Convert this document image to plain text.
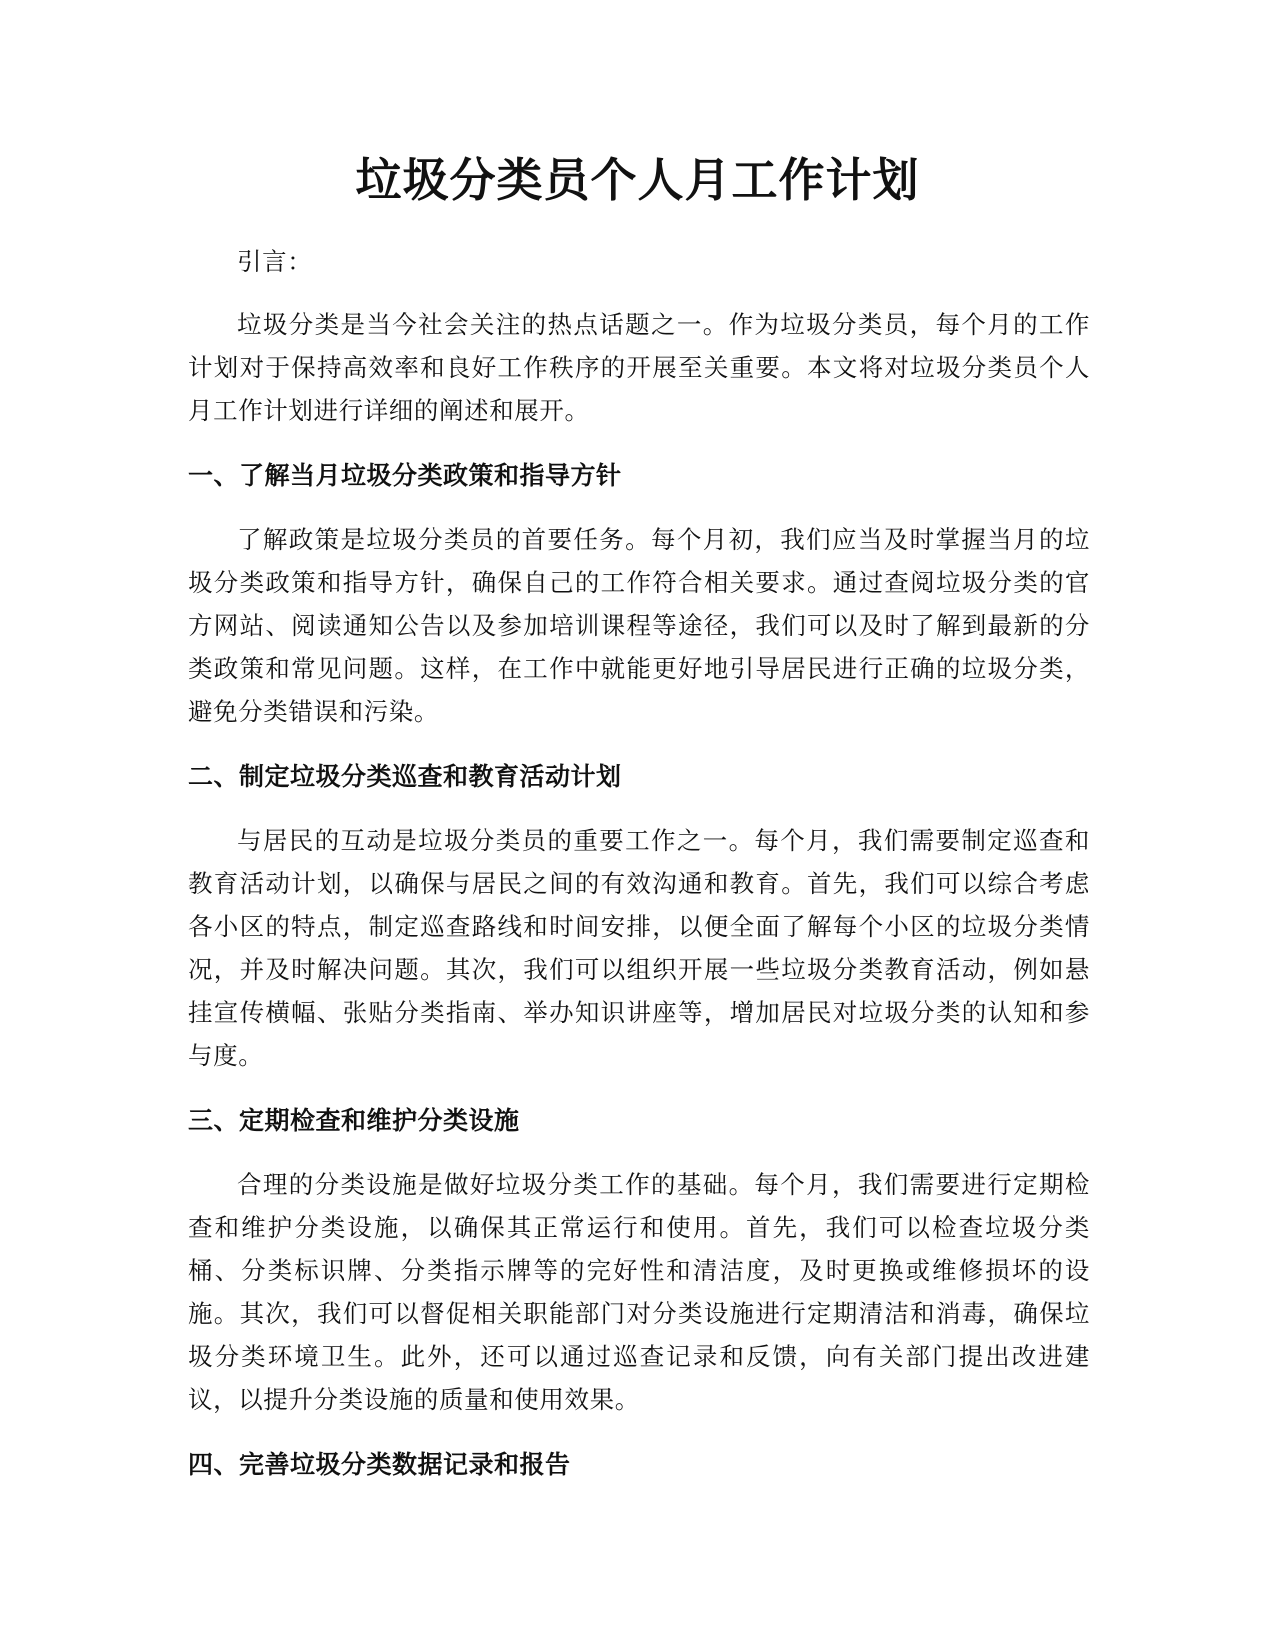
垃圾分类员个人月工作计划

引言：

垃圾分类是当今社会关注的热点话题之一。作为垃圾分类员，每个月的工作计划对于保持高效率和良好工作秩序的开展至关重要。本文将对垃圾分类员个人月工作计划进行详细的阐述和展开。

一、了解当月垃圾分类政策和指导方针

了解政策是垃圾分类员的首要任务。每个月初，我们应当及时掌握当月的垃圾分类政策和指导方针，确保自己的工作符合相关要求。通过查阅垃圾分类的官方网站、阅读通知公告以及参加培训课程等途径，我们可以及时了解到最新的分类政策和常见问题。这样，在工作中就能更好地引导居民进行正确的垃圾分类，避免分类错误和污染。

二、制定垃圾分类巡查和教育活动计划

与居民的互动是垃圾分类员的重要工作之一。每个月，我们需要制定巡查和教育活动计划，以确保与居民之间的有效沟通和教育。首先，我们可以综合考虑各小区的特点，制定巡查路线和时间安排，以便全面了解每个小区的垃圾分类情况，并及时解决问题。其次，我们可以组织开展一些垃圾分类教育活动，例如悬挂宣传横幅、张贴分类指南、举办知识讲座等，增加居民对垃圾分类的认知和参与度。

三、定期检查和维护分类设施

合理的分类设施是做好垃圾分类工作的基础。每个月，我们需要进行定期检查和维护分类设施，以确保其正常运行和使用。首先，我们可以检查垃圾分类桶、分类标识牌、分类指示牌等的完好性和清洁度，及时更换或维修损坏的设施。其次，我们可以督促相关职能部门对分类设施进行定期清洁和消毒，确保垃圾分类环境卫生。此外，还可以通过巡查记录和反馈，向有关部门提出改进建议，以提升分类设施的质量和使用效果。

四、完善垃圾分类数据记录和报告
